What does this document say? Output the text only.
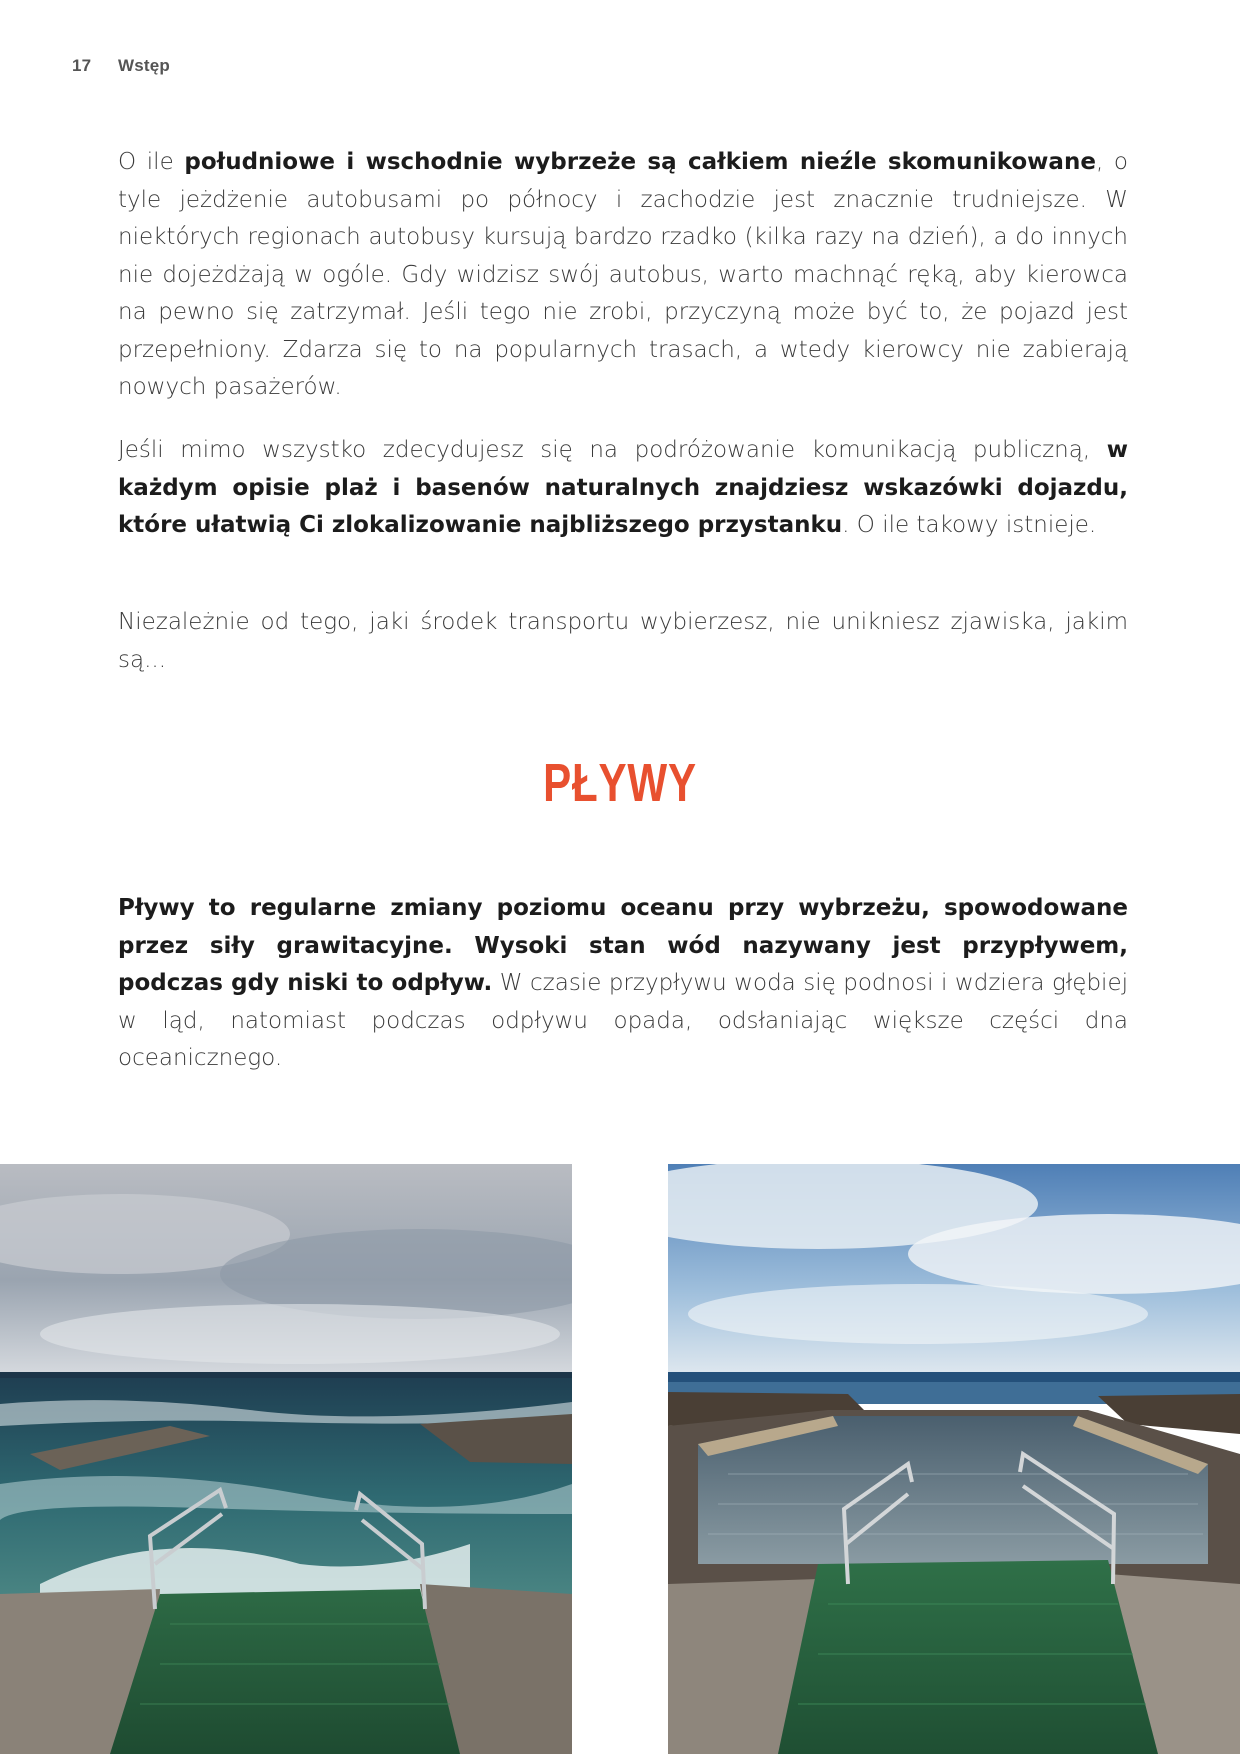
17 Wstęp

O ile południowe i wschodnie wybrzeże są całkiem nieźle skomunikowane, o tyle jeżdżenie autobusami po północy i zachodzie jest znacznie trudniejsze. W niektórych regionach autobusy kursują bardzo rzadko (kilka razy na dzień), a do innych nie dojeżdżają w ogóle. Gdy widzisz swój autobus, warto machnąć ręką, aby kierowca na pewno się zatrzymał. Jeśli tego nie zrobi, przyczyną może być to, że pojazd jest przepełniony. Zdarza się to na popularnych trasach, a wtedy kierowcy nie zabierają nowych pasażerów.

Jeśli mimo wszystko zdecydujesz się na podróżowanie komunikacją publiczną, w każdym opisie plaż i basenów naturalnych znajdziesz wskazówki dojazdu, które ułatwią Ci zlokalizowanie najbliższego przystanku. O ile takowy istnieje.

Niezależnie od tego, jaki środek transportu wybierzesz, nie unikniesz zjawiska, jakim są...

PŁYWY

Pływy to regularne zmiany poziomu oceanu przy wybrzeżu, spowodowane przez siły grawitacyjne. Wysoki stan wód nazywany jest przypływem, podczas gdy niski to odpływ. W czasie przypływu woda się podnosi i wdziera głębiej w ląd, natomiast podczas odpływu opada, odsłaniając większe części dna oceanicznego.
